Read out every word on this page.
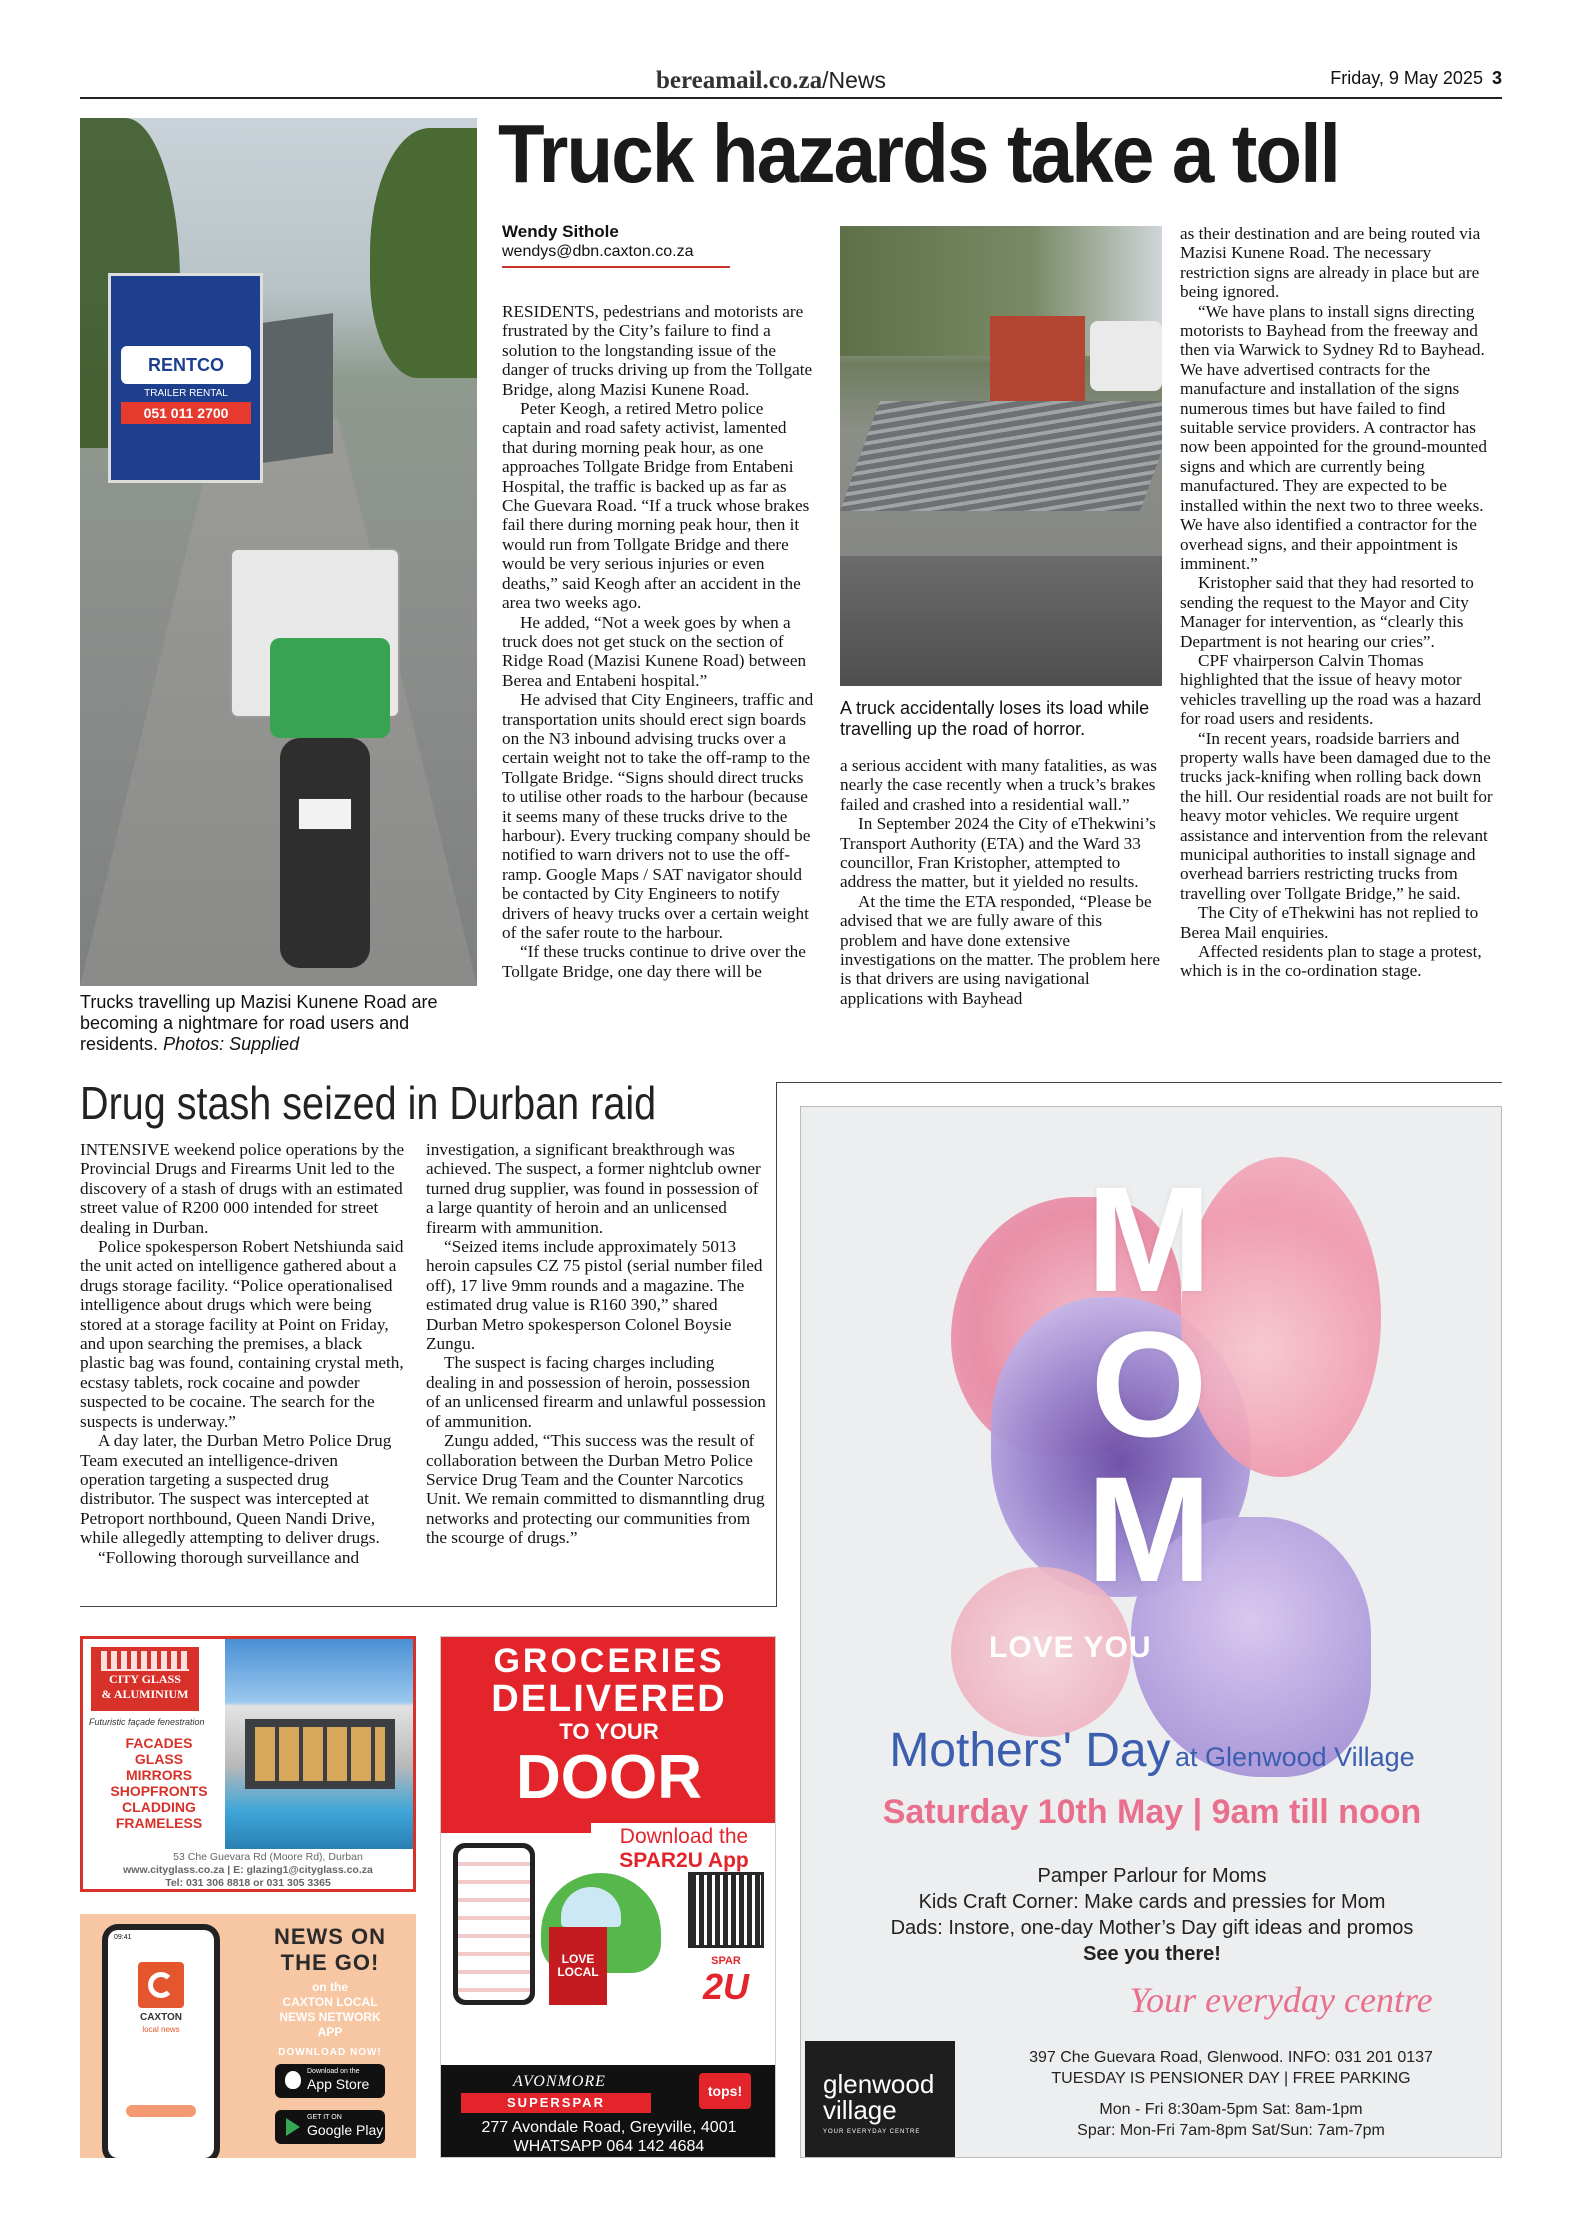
bereamail.co.za/News	Friday, 9 May 2025 3
RENTCO
TRAILER RENTAL
051 011 2700
Trucks travelling up Mazisi Kunene Road are becoming a nightmare for road users and residents. Photos: Supplied
Truck hazards take a toll
Wendy Sithole
wendys@dbn.caxton.co.za

RESIDENTS, pedestrians and motorists are frustrated by the City’s failure to find a solution to the longstanding issue of the danger of trucks driving up from the Tollgate Bridge, along Mazisi Kunene Road.

Peter Keogh, a retired Metro police captain and road safety activist, lamented that during morning peak hour, as one approaches Tollgate Bridge from Entabeni Hospital, the traffic is backed up as far as Che Guevara Road. “If a truck whose brakes fail there during morning peak hour, then it would run from Tollgate Bridge and there would be very serious injuries or even deaths,” said Keogh after an accident in the area two weeks ago.

He added, “Not a week goes by when a truck does not get stuck on the section of Ridge Road (Mazisi Kunene Road) between Berea and Entabeni hospital.”

He advised that City Engineers, traffic and transportation units should erect sign boards on the N3 inbound advising trucks over a certain weight not to take the off-ramp to the Tollgate Bridge. “Signs should direct trucks to utilise other roads to the harbour (because it seems many of these trucks drive to the harbour). Every trucking company should be notified to warn drivers not to use the off-ramp. Google Maps / SAT navigator should be contacted by City Engineers to notify drivers of heavy trucks over a certain weight of the safer route to the harbour.

“If these trucks continue to drive over the Tollgate Bridge, one day there will be

A truck accidentally loses its load while travelling up the road of horror.

a serious accident with many fatalities, as was nearly the case recently when a truck’s brakes failed and crashed into a residential wall.”

In September 2024 the City of eThekwini’s Transport Authority (ETA) and the Ward 33 councillor, Fran Kristopher, attempted to address the matter, but it yielded no results.

At the time the ETA responded, “Please be advised that we are fully aware of this problem and have done extensive investigations on the matter. The problem here is that drivers are using navigational applications with Bayhead

as their destination and are being routed via Mazisi Kunene Road. The necessary restriction signs are already in place but are being ignored.

“We have plans to install signs directing motorists to Bayhead from the freeway and then via Warwick to Sydney Rd to Bayhead. We have advertised contracts for the manufacture and installation of the signs numerous times but have failed to find suitable service providers. A contractor has now been appointed for the ground-mounted signs and which are currently being manufactured. They are expected to be installed within the next two to three weeks. We have also identified a contractor for the overhead signs, and their appointment is imminent.”

Kristopher said that they had resorted to sending the request to the Mayor and City Manager for intervention, as “clearly this Department is not hearing our cries”.

CPF vhairperson Calvin Thomas highlighted that the issue of heavy motor vehicles travelling up the road was a hazard for road users and residents.

“In recent years, roadside barriers and property walls have been damaged due to the trucks jack-knifing when rolling back down the hill. Our residential roads are not built for heavy motor vehicles. We require urgent assistance and intervention from the relevant municipal authorities to install signage and overhead barriers restricting trucks from travelling over Tollgate Bridge,” he said.

The City of eThekwini has not replied to Berea Mail enquiries.

Affected residents plan to stage a protest, which is in the co-ordination stage.

Drug stash seized in Durban raid

INTENSIVE weekend police operations by the Provincial Drugs and Firearms Unit led to the discovery of a stash of drugs with an estimated street value of R200 000 intended for street dealing in Durban.

Police spokesperson Robert Netshiunda said the unit acted on intelligence gathered about a drugs storage facility. “Police operationalised intelligence about drugs which were being stored at a storage facility at Point on Friday, and upon searching the premises, a black plastic bag was found, containing crystal meth, ecstasy tablets, rock cocaine and powder suspected to be cocaine. The search for the suspects is underway.”

A day later, the Durban Metro Police Drug Team executed an intelligence-driven operation targeting a suspected drug distributor. The suspect was intercepted at Petroport northbound, Queen Nandi Drive, while allegedly attempting to deliver drugs.

“Following thorough surveillance and

investigation, a significant breakthrough was achieved. The suspect, a former nightclub owner turned drug supplier, was found in possession of a large quantity of heroin and an unlicensed firearm with ammunition.

“Seized items include approximately 5013 heroin capsules CZ 75 pistol (serial number filed off), 17 live 9mm rounds and a magazine. The estimated drug value is R160 390,” shared Durban Metro spokesperson Colonel Boysie Zungu.

The suspect is facing charges including dealing in and possession of heroin, possession of an unlicensed firearm and unlawful possession of ammunition.

Zungu added, “This success was the result of collaboration between the Durban Metro Police Service Drug Team and the Counter Narcotics Unit. We remain committed to dismanntling drug networks and protecting our communities from the scourge of drugs.”

CITY GLASS
& ALUMINIUM
Futuristic façade fenestration
FACADES
GLASS
MIRRORS
SHOPFRONTS
CLADDING
FRAMELESS
53 Che Guevara Rd (Moore Rd), Durban
www.cityglass.co.za | E: glazing1@cityglass.co.za
Tel: 031 306 8818 or 031 305 3365
09:41
CAXTON
local news
NEWS ON
THE GO!
on the
CAXTON LOCAL
NEWS NETWORK
APP
DOWNLOAD NOW!
Download on the
App Store
GET IT ON
Google Play
GROCERIES
DELIVERED
TO YOUR
DOOR
Download the
SPAR2U App
LOVE LOCAL
SPAR
2U
AVONMORE
SUPERSPAR
tops!
277 Avondale Road, Greyville, 4001
WHATSAPP 064 142 4684
M
O
M
LOVE YOU
Mothers' Day at Glenwood Village
Saturday 10th May | 9am till noon
Pamper Parlour for Moms
Kids Craft Corner: Make cards and pressies for Mom
Dads: Instore, one-day Mother’s Day gift ideas and promos
See you there!
Your everyday centre
glenwood
village
YOUR EVERYDAY CENTRE
397 Che Guevara Road, Glenwood. INFO: 031 201 0137
TUESDAY IS PENSIONER DAY | FREE PARKING
Mon - Fri 8:30am-5pm Sat: 8am-1pm
Spar: Mon-Fri 7am-8pm Sat/Sun: 7am-7pm
